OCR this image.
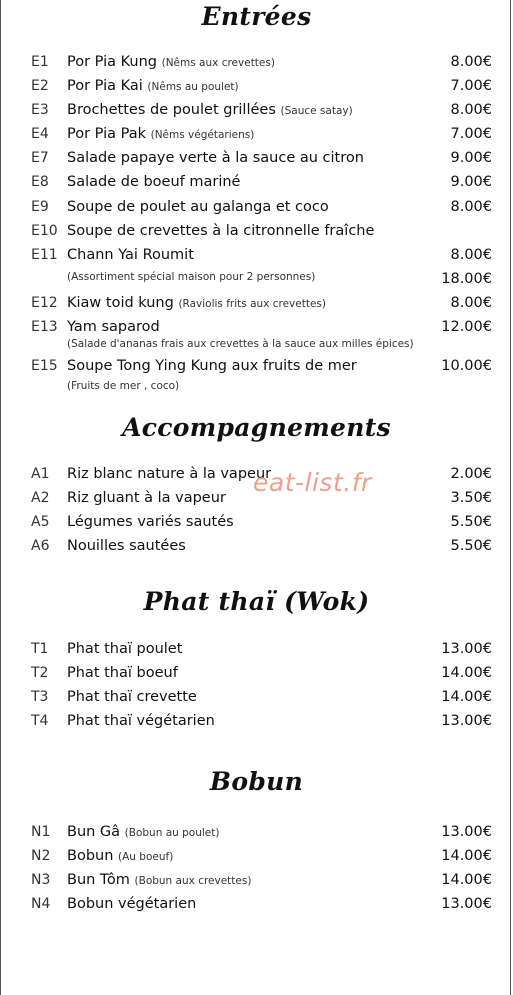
Entrées
E1 Por Pia Kung (Nêms aux crevettes)	8.00€
E2 Por Pia Kai (Nêms au poulet)	7.00€
E3 Brochettes de poulet grillées (Sauce satay)	8.00€
E4 Por Pia Pak (Nêms végétariens)	7.00€
E7 Salade papaye verte à la sauce au citron	9.00€
E8 Salade de boeuf mariné	9.00€
E9 Soupe de poulet au galanga et coco	8.00€
E10 Soupe de crevettes à la citronnelle fraîche
E11 Chann Yai Roumit	8.00€
(Assortiment spécial maison pour 2 personnes)	18.00€
E12 Kiaw toid kung (Raviolis frits aux crevettes)	8.00€
E13 Yam saparod	12.00€
(Salade d'ananas frais aux crevettes à la sauce aux milles épices)
E15 Soupe Tong Ying Kung aux fruits de mer	10.00€
(Fruits de mer , coco)
Accompagnements
A1 Riz blanc nature à la vapeur	2.00€
A2 Riz gluant à la vapeur	3.50€
A5 Légumes variés sautés	5.50€
A6 Nouilles sautées	5.50€
Phat thaï (Wok)
T1 Phat thaï poulet	13.00€
T2 Phat thaï boeuf	14.00€
T3 Phat thaï crevette	14.00€
T4 Phat thaï végétarien	13.00€
Bobun
N1 Bun Gâ (Bobun au poulet)	13.00€
N2 Bobun (Au boeuf)	14.00€
N3 Bun Tôm (Bobun aux crevettes)	14.00€
N4 Bobun végétarien	13.00€
eat-list.fr
